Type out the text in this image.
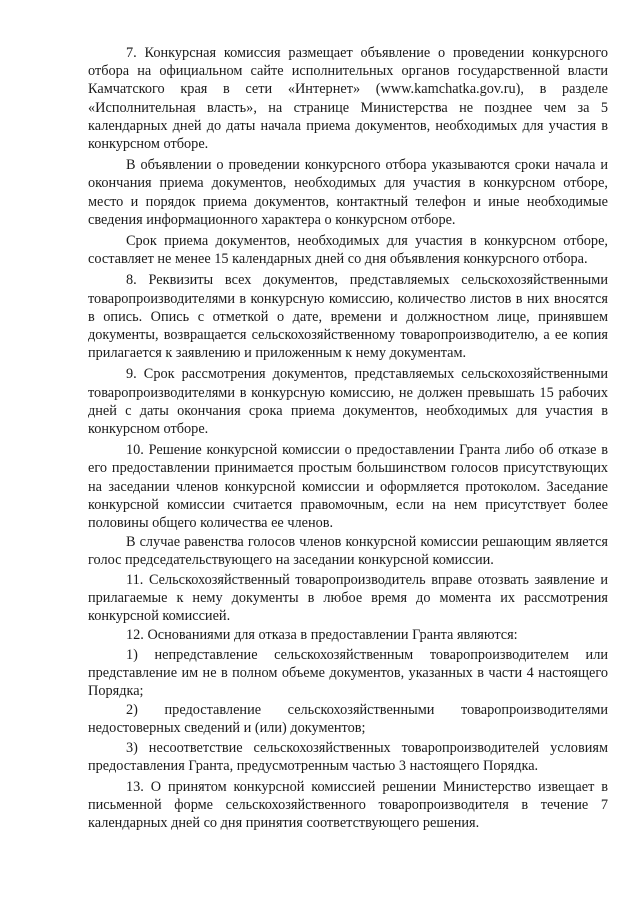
7. Конкурсная комиссия размещает объявление о проведении конкурсного отбора на официальном сайте исполнительных органов государственной власти Камчатского края в сети «Интернет» (www.kamchatka.gov.ru), в разделе «Исполнительная власть», на странице Министерства не позднее чем за 5 календарных дней до даты начала приема документов, необходимых для участия в конкурсном отборе.

В объявлении о проведении конкурсного отбора указываются сроки начала и окончания приема документов, необходимых для участия в конкурсном отборе, место и порядок приема документов, контактный телефон и иные необходимые сведения информационного характера о конкурсном отборе.

Срок приема документов, необходимых для участия в конкурсном отборе, составляет не менее 15 календарных дней со дня объявления конкурсного отбора.

8. Реквизиты всех документов, представляемых сельскохозяйственными товаропроизводителями в конкурсную комиссию, количество листов в них вносятся в опись. Опись с отметкой о дате, времени и должностном лице, принявшем документы, возвращается сельскохозяйственному товаропроизводителю, а ее копия прилагается к заявлению и приложенным к нему документам.

9. Срок рассмотрения документов, представляемых сельскохозяйственными товаропроизводителями в конкурсную комиссию, не должен превышать 15 рабочих дней с даты окончания срока приема документов, необходимых для участия в конкурсном отборе.

10. Решение конкурсной комиссии о предоставлении Гранта либо об отказе в его предоставлении принимается простым большинством голосов присутствующих на заседании членов конкурсной комиссии и оформляется протоколом. Заседание конкурсной комиссии считается правомочным, если на нем присутствует более половины общего количества ее членов.

В случае равенства голосов членов конкурсной комиссии решающим является голос председательствующего на заседании конкурсной комиссии.

11. Сельскохозяйственный товаропроизводитель вправе отозвать заявление и прилагаемые к нему документы в любое время до момента их рассмотрения конкурсной комиссией.

12. Основаниями для отказа в предоставлении Гранта являются:

1) непредставление сельскохозяйственным товаропроизводителем или представление им не в полном объеме документов, указанных в части 4 настоящего Порядка;

2) предоставление сельскохозяйственными товаропроизводителями недостоверных сведений и (или) документов;

3) несоответствие сельскохозяйственных товаропроизводителей условиям предоставления Гранта, предусмотренным частью 3 настоящего Порядка.

13. О принятом конкурсной комиссией решении Министерство извещает в письменной форме сельскохозяйственного товаропроизводителя в течение 7 календарных дней со дня принятия соответствующего решения.
